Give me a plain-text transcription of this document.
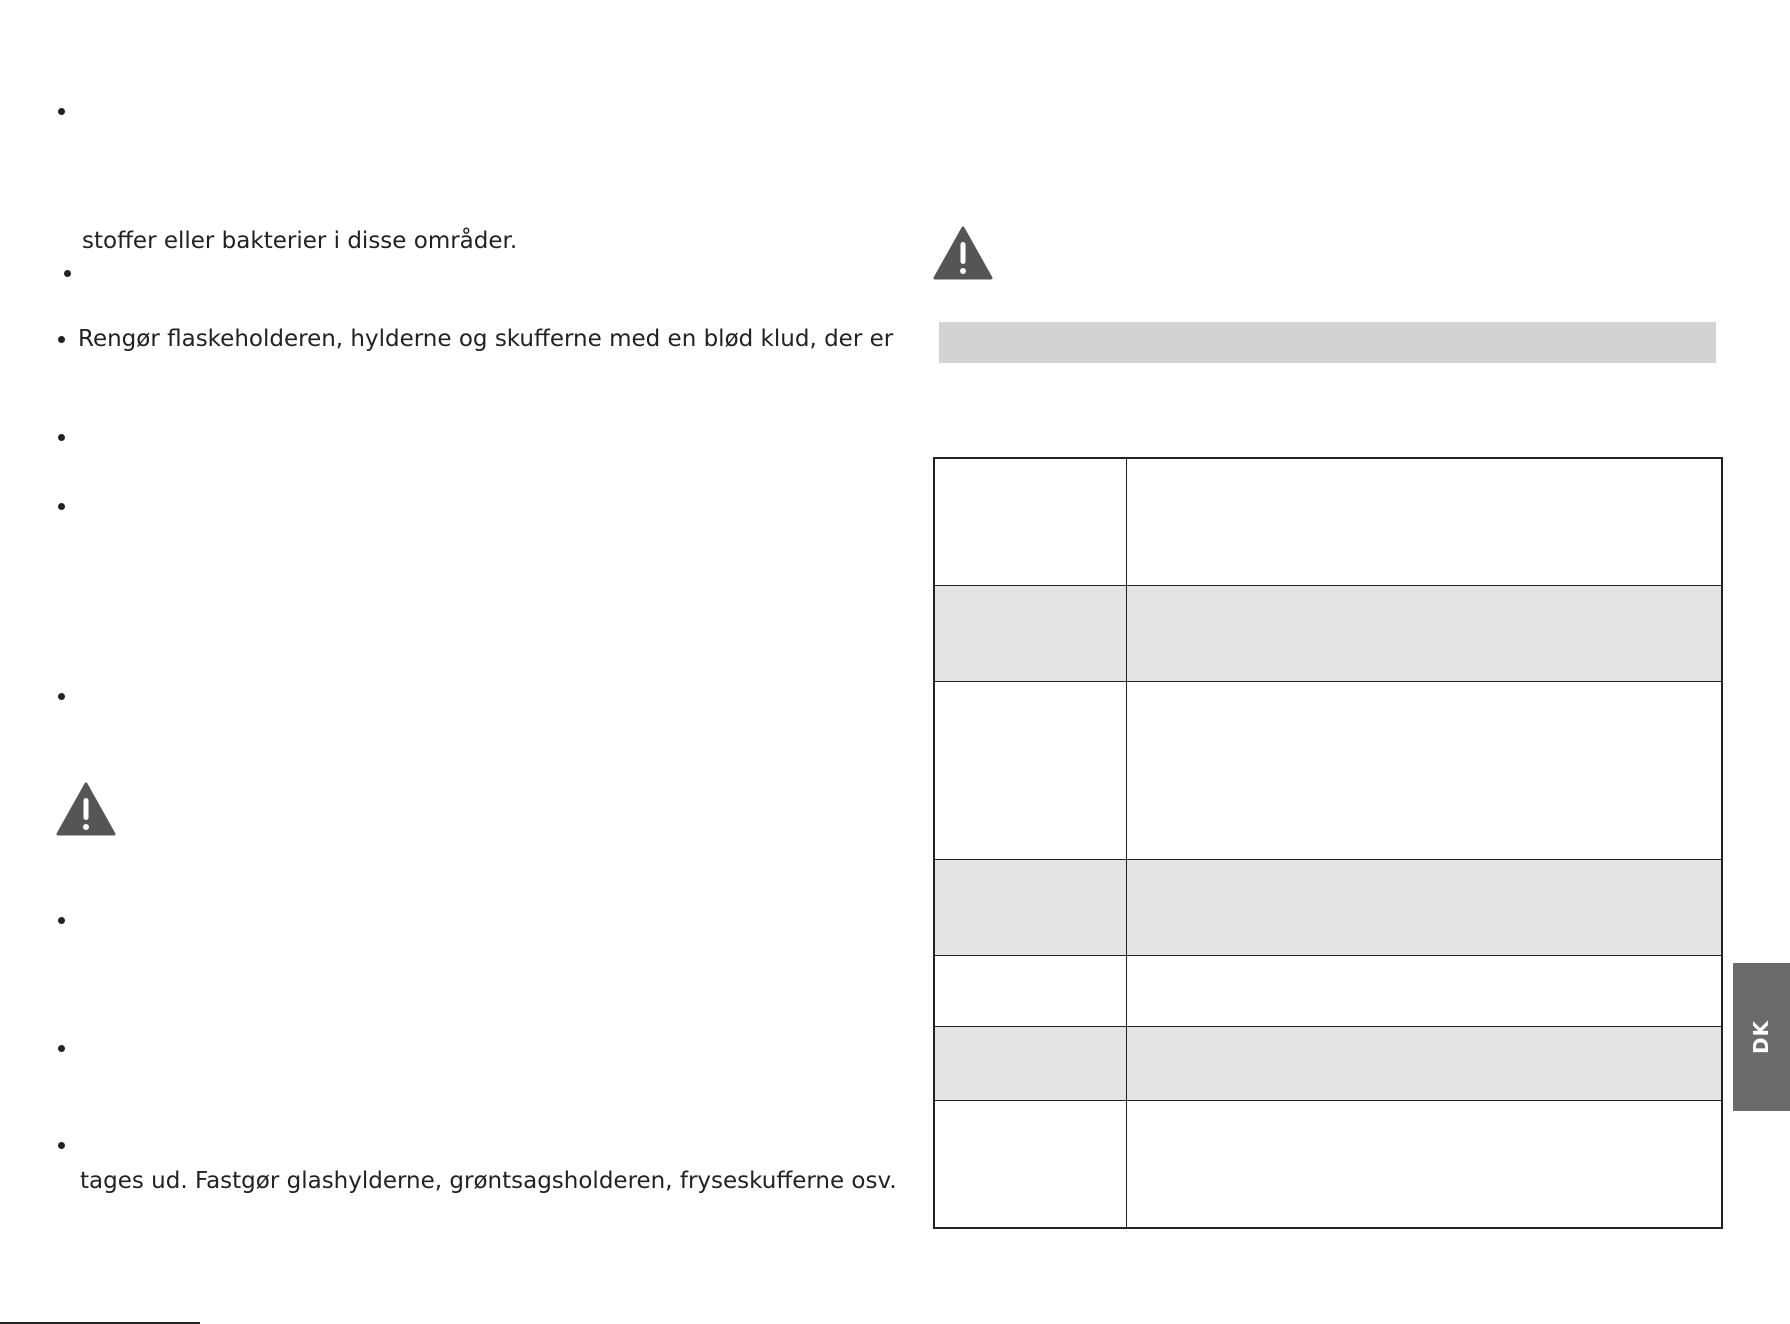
stoffer eller bakterier i disse områder.
Rengør flaskeholderen, hylderne og skufferne med en blød klud, der er
tages ud. Fastgør glashylderne, grøntsagsholderen, fryseskufferne osv.
DK
